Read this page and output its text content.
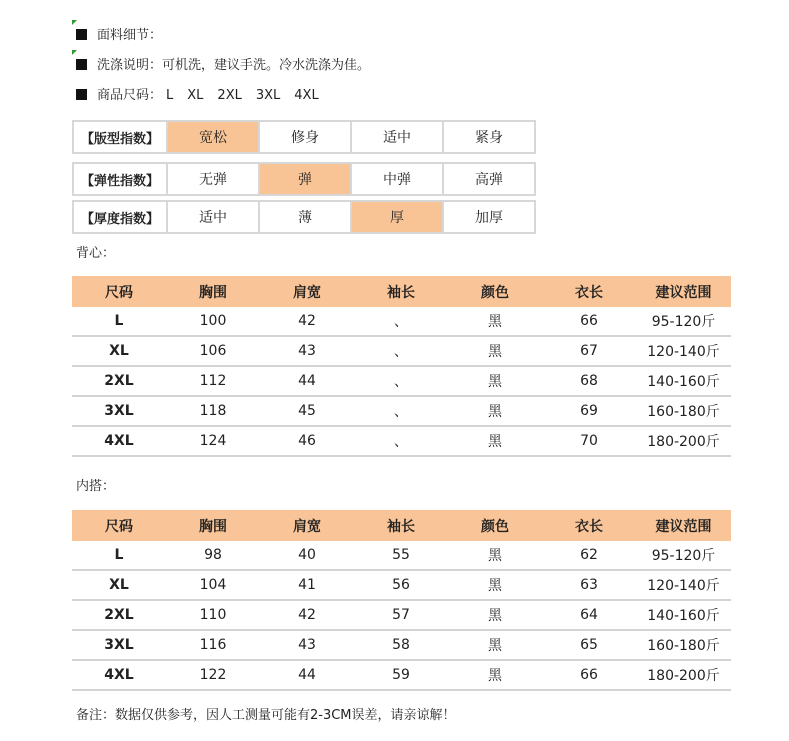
面料细节：
洗涤说明：可机洗，建议手洗。冷水洗涤为佳。
商品尺码： L XL 2XL 3XL 4XL
【版型指数】	宽松	修身	适中	紧身
【弹性指数】	无弹	弹	中弹	高弹
【厚度指数】	适中	薄	厚	加厚
背心：
尺码	胸围	肩宽	袖长	颜色	衣长	建议范围
L	100	42	、	黑	66	95-120斤
XL	106	43	、	黑	67	120-140斤
2XL	112	44	、	黑	68	140-160斤
3XL	118	45	、	黑	69	160-180斤
4XL	124	46	、	黑	70	180-200斤
内搭：
尺码	胸围	肩宽	袖长	颜色	衣长	建议范围
L	98	40	55	黑	62	95-120斤
XL	104	41	56	黑	63	120-140斤
2XL	110	42	57	黑	64	140-160斤
3XL	116	43	58	黑	65	160-180斤
4XL	122	44	59	黑	66	180-200斤
备注：数据仅供参考，因人工测量可能有2-3CM误差，请亲谅解！
